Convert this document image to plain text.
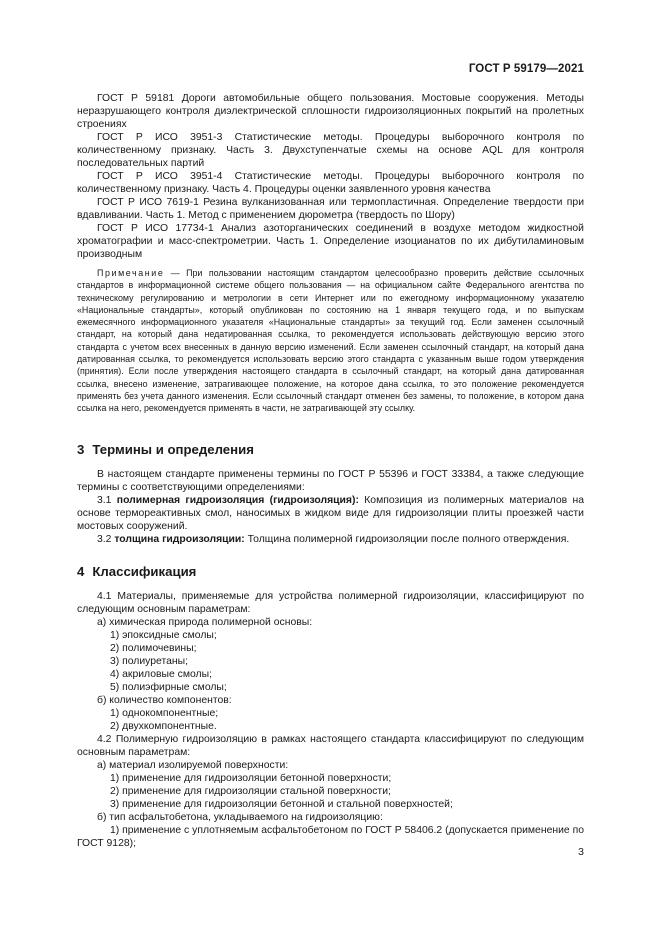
ГОСТ Р 59179—2021

ГОСТ Р 59181 Дороги автомобильные общего пользования. Мостовые сооружения. Методы неразрушающего контроля диэлектрической сплошности гидроизоляционных покрытий на пролетных строениях

ГОСТ Р ИСО 3951-3 Статистические методы. Процедуры выборочного контроля по количественному признаку. Часть 3. Двухступенчатые схемы на основе AQL для контроля последовательных партий

ГОСТ Р ИСО 3951-4 Статистические методы. Процедуры выборочного контроля по количественному признаку. Часть 4. Процедуры оценки заявленного уровня качества

ГОСТ Р ИСО 7619-1 Резина вулканизованная или термопластичная. Определение твердости при вдавливании. Часть 1. Метод с применением дюрометра (твердость по Шору)

ГОСТ Р ИСО 17734-1 Анализ азоторганических соединений в воздухе методом жидкостной хроматографии и масс-спектрометрии. Часть 1. Определение изоцианатов по их дибутиламиновым производным

Примечание — При пользовании настоящим стандартом целесообразно проверить действие ссылочных стандартов в информационной системе общего пользования — на официальном сайте Федерального агентства по техническому регулированию и метрологии в сети Интернет или по ежегодному информационному указателю «Национальные стандарты», который опубликован по состоянию на 1 января текущего года, и по выпускам ежемесячного информационного указателя «Национальные стандарты» за текущий год. Если заменен ссылочный стандарт, на который дана недатированная ссылка, то рекомендуется использовать действующую версию этого стандарта с учетом всех внесенных в данную версию изменений. Если заменен ссылочный стандарт, на который дана датированная ссылка, то рекомендуется использовать версию этого стандарта с указанным выше годом утверждения (принятия). Если после утверждения настоящего стандарта в ссылочный стандарт, на который дана датированная ссылка, внесено изменение, затрагивающее положение, на которое дана ссылка, то это положение рекомендуется применять без учета данного изменения. Если ссылочный стандарт отменен без замены, то положение, в котором дана ссылка на него, рекомендуется применять в части, не затрагивающей эту ссылку.

3 Термины и определения

В настоящем стандарте применены термины по ГОСТ Р 55396 и ГОСТ 33384, а также следующие термины с соответствующими определениями:

3.1 полимерная гидроизоляция (гидроизоляция): Композиция из полимерных материалов на основе термореактивных смол, наносимых в жидком виде для гидроизоляции плиты проезжей части мостовых сооружений.

3.2 толщина гидроизоляции: Толщина полимерной гидроизоляции после полного отверждения.

4 Классификация

4.1 Материалы, применяемые для устройства полимерной гидроизоляции, классифицируют по следующим основным параметрам:

а) химическая природа полимерной основы:

1) эпоксидные смолы;

2) полимочевины;

3) полиуретаны;

4) акриловые смолы;

5) полиэфирные смолы;

б) количество компонентов:

1) однокомпонентные;

2) двухкомпонентные.

4.2 Полимерную гидроизоляцию в рамках настоящего стандарта классифицируют по следующим основным параметрам:

а) материал изолируемой поверхности:

1) применение для гидроизоляции бетонной поверхности;

2) применение для гидроизоляции стальной поверхности;

3) применение для гидроизоляции бетонной и стальной поверхностей;

б) тип асфальтобетона, укладываемого на гидроизоляцию:

1) применение с уплотняемым асфальтобетоном по ГОСТ Р 58406.2 (допускается применение по ГОСТ 9128);

3
